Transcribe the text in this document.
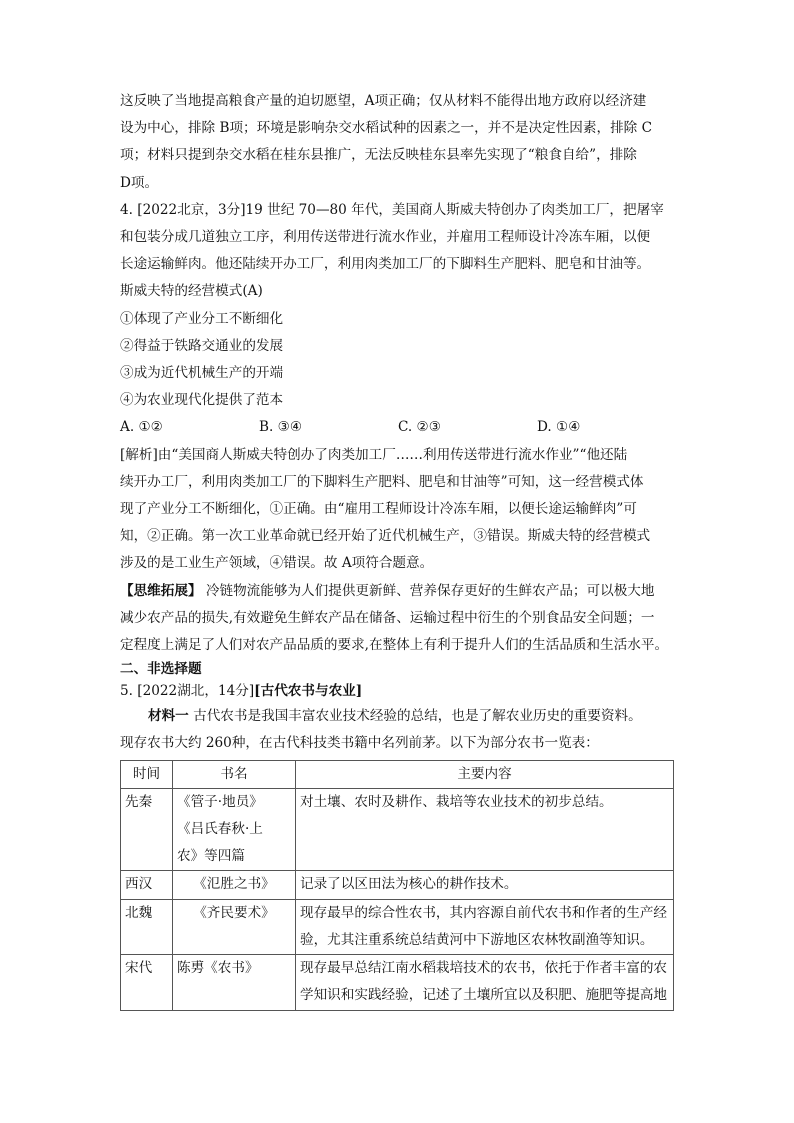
这反映了当地提高粮食产量的迫切愿望，A项正确；仅从材料不能得出地方政府以经济建

设为中心，排除 B项；环境是影响杂交水稻试种的因素之一，并不是决定性因素，排除 C

项；材料只提到杂交水稻在桂东县推广，无法反映桂东县率先实现了“粮食自给”，排除

D项。

4. [2022北京，3分]19 世纪 70—80 年代，美国商人斯威夫特创办了肉类加工厂，把屠宰

和包装分成几道独立工序，利用传送带进行流水作业，并雇用工程师设计冷冻车厢，以便

长途运输鲜肉。他还陆续开办工厂，利用肉类加工厂的下脚料生产肥料、肥皂和甘油等。

斯威夫特的经营模式(A)

①体现了产业分工不断细化

②得益于铁路交通业的发展

③成为近代机械生产的开端

④为农业现代化提供了范本

A. ①②	B. ③④	C. ②③	D. ①④

[解析]由“美国商人斯威夫特创办了肉类加工厂……利用传送带进行流水作业”“他还陆

续开办工厂，利用肉类加工厂的下脚料生产肥料、肥皂和甘油等”可知，这一经营模式体

现了产业分工不断细化，①正确。由“雇用工程师设计冷冻车厢，以便长途运输鲜肉”可

知，②正确。第一次工业革命就已经开始了近代机械生产，③错误。斯威夫特的经营模式

涉及的是工业生产领域，④错误。故 A项符合题意。

【思维拓展】 冷链物流能够为人们提供更新鲜、营养保存更好的生鲜农产品；可以极大地

减少农产品的损失,有效避免生鲜农产品在储备、运输过程中衍生的个别食品安全问题；一

定程度上满足了人们对农产品品质的要求,在整体上有利于提升人们的生活品质和生活水平。

二、非选择题

5. [2022湖北，14分][古代农书与农业]

材料一 古代农书是我国丰富农业技术经验的总结，也是了解农业历史的重要资料。

现存农书大约 260种，在古代科技类书籍中名列前茅。以下为部分农书一览表：

时间	书名	主要内容
先秦	《管子·地员》
《吕氏春秋·上
农》等四篇	对土壤、农时及耕作、栽培等农业技术的初步总结。

西汉	《氾胜之书》	记录了以区田法为核心的耕作技术。

北魏	《齐民要术》	现存最早的综合性农书，其内容源自前代农书和作者的生产经
验，尤其注重系统总结黄河中下游地区农林牧副渔等知识。

宋代	陈旉《农书》	现存最早总结江南水稻栽培技术的农书，依托于作者丰富的农
学知识和实践经验，记述了土壤所宜以及积肥、施肥等提高地
